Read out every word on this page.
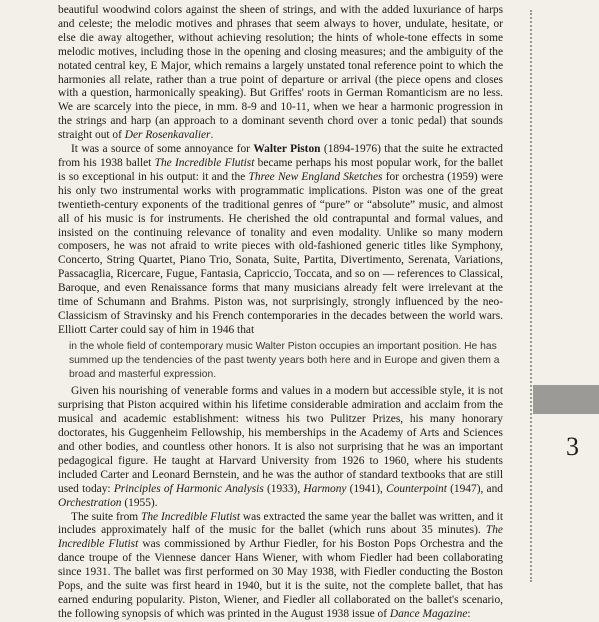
beautiful woodwind colors against the sheen of strings, and with the added luxuriance of harps and celeste; the melodic motives and phrases that seem always to hover, undulate, hesitate, or else die away altogether, without achieving resolution; the hints of whole-tone effects in some melodic motives, including those in the opening and closing measures; and the ambiguity of the notated central key, E Major, which remains a largely unstated tonal reference point to which the harmonies all relate, rather than a true point of departure or arrival (the piece opens and closes with a question, harmonically speaking). But Griffes' roots in German Romanticism are no less. We are scarcely into the piece, in mm. 8-9 and 10-11, when we hear a harmonic progression in the strings and harp (an approach to a dominant seventh chord over a tonic pedal) that sounds straight out of Der Rosenkavalier.

It was a source of some annoyance for Walter Piston (1894-1976) that the suite he extracted from his 1938 ballet The Incredible Flutist became perhaps his most popular work, for the ballet is so exceptional in his output: it and the Three New England Sketches for orchestra (1959) were his only two instrumental works with programmatic implications. Piston was one of the great twentieth-century exponents of the traditional genres of “pure” or “absolute” music, and almost all of his music is for instruments. He cherished the old contrapuntal and formal values, and insisted on the continuing relevance of tonality and even modality. Unlike so many modern composers, he was not afraid to write pieces with old-fashioned generic titles like Symphony, Concerto, String Quartet, Piano Trio, Sonata, Suite, Partita, Divertimento, Serenata, Variations, Passacaglia, Ricercare, Fugue, Fantasia, Capriccio, Toccata, and so on — references to Classical, Baroque, and even Renaissance forms that many musicians already felt were irrelevant at the time of Schumann and Brahms. Piston was, not surprisingly, strongly influenced by the neo-Classicism of Stravinsky and his French contemporaries in the decades between the world wars. Elliott Carter could say of him in 1946 that

in the whole field of contemporary music Walter Piston occupies an important position. He has summed up the tendencies of the past twenty years both here and in Europe and given them a broad and masterful expression.

Given his nourishing of venerable forms and values in a modern but accessible style, it is not surprising that Piston acquired within his lifetime considerable admiration and acclaim from the musical and academic establishment: witness his two Pulitzer Prizes, his many honorary doctorates, his Guggenheim Fellowship, his memberships in the Academy of Arts and Sciences and other bodies, and countless other honors. It is also not surprising that he was an important pedagogical figure. He taught at Harvard University from 1926 to 1960, where his students included Carter and Leonard Bernstein, and he was the author of standard textbooks that are still used today: Principles of Harmonic Analysis (1933), Harmony (1941), Counterpoint (1947), and Orchestration (1955).

The suite from The Incredible Flutist was extracted the same year the ballet was written, and it includes approximately half of the music for the ballet (which runs about 35 minutes). The Incredible Flutist was commissioned by Arthur Fiedler, for his Boston Pops Orchestra and the dance troupe of the Viennese dancer Hans Wiener, with whom Fiedler had been collaborating since 1931. The ballet was first performed on 30 May 1938, with Fiedler conducting the Boston Pops, and the suite was first heard in 1940, but it is the suite, not the complete ballet, that has earned enduring popularity. Piston, Wiener, and Fiedler all collaborated on the ballet's scenario, the following synopsis of which was printed in the August 1938 issue of Dance Magazine:

3
